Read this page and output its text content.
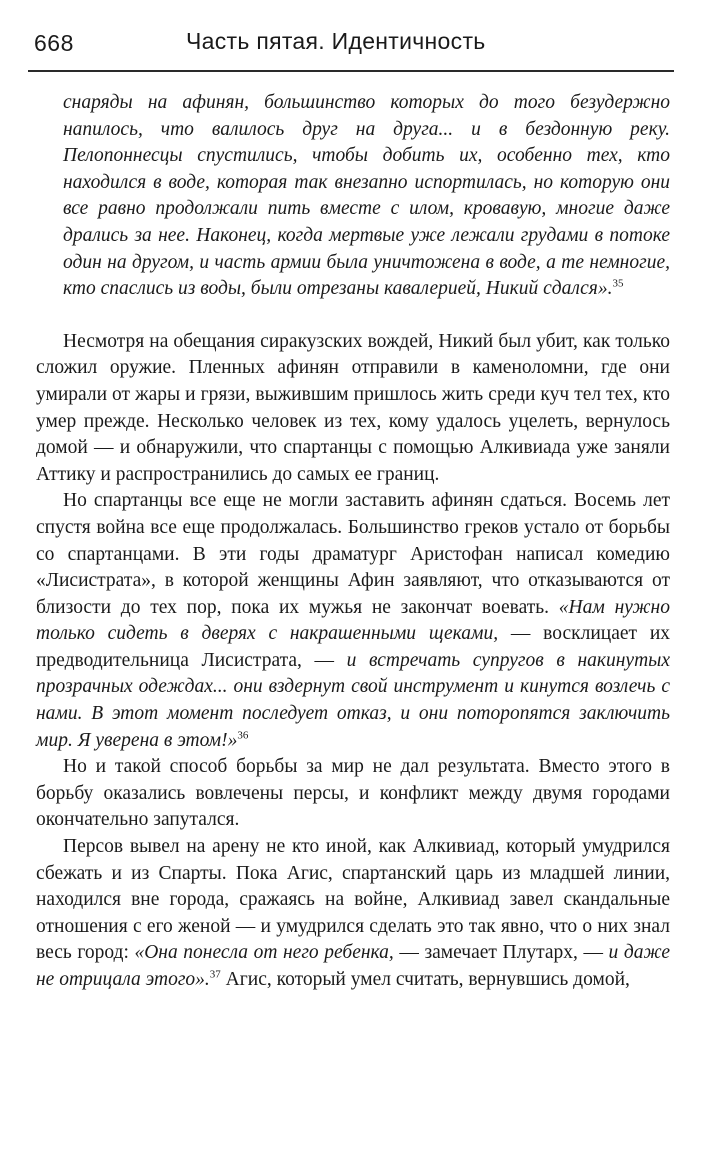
668	Часть пятая. Идентичность
снаряды на афинян, большинство которых до того безудержно напилось, что валилось друг на друга... и в бездонную реку. Пелопоннесцы спустились, чтобы добить их, особенно тех, кто находился в воде, которая так внезапно испортилась, но которую они все равно продолжали пить вместе с илом, кровавую, многие даже дрались за нее. Наконец, когда мертвые уже лежали грудами в потоке один на другом, и часть армии была уничтожена в воде, а те немногие, кто спаслись из воды, были отрезаны кавалерией, Никий сдался».$^{35}$

Несмотря на обещания сиракузских вождей, Никий был убит, как только сложил оружие. Пленных афинян отправили в каменоломни, где они умирали от жары и грязи, выжившим пришлось жить среди куч тел тех, кто умер прежде. Несколько человек из тех, кому удалось уцелеть, вернулось домой — и обнаружили, что спартанцы с помощью Алкивиада уже заняли Аттику и распространились до самых ее границ.

Но спартанцы все еще не могли заставить афинян сдаться. Восемь лет спустя война все еще продолжалась. Большинство греков устало от борьбы со спартанцами. В эти годы драматург Аристофан написал комедию «Лисистрата», в которой женщины Афин заявляют, что отказываются от близости до тех пор, пока их мужья не закончат воевать. «Нам нужно только сидеть в дверях с накрашенными щеками, — восклицает их предводительница Лисистрата, — и встречать супругов в накинутых прозрачных одеждах... они вздернут свой инструмент и кинутся возлечь с нами. В этот момент последует отказ, и они поторопятся заключить мир. Я уверена в этом!»$^{36}$

Но и такой способ борьбы за мир не дал результата. Вместо этого в борьбу оказались вовлечены персы, и конфликт между двумя городами окончательно запутался.

Персов вывел на арену не кто иной, как Алкивиад, который умудрился сбежать и из Спарты. Пока Агис, спартанский царь из младшей линии, находился вне города, сражаясь на войне, Алкивиад завел скандальные отношения с его женой — и умудрился сделать это так явно, что о них знал весь город: «Она понесла от него ребенка, — замечает Плутарх, — и даже не отрицала этого».$^{37}$ Агис, который умел считать, вернувшись домой,
